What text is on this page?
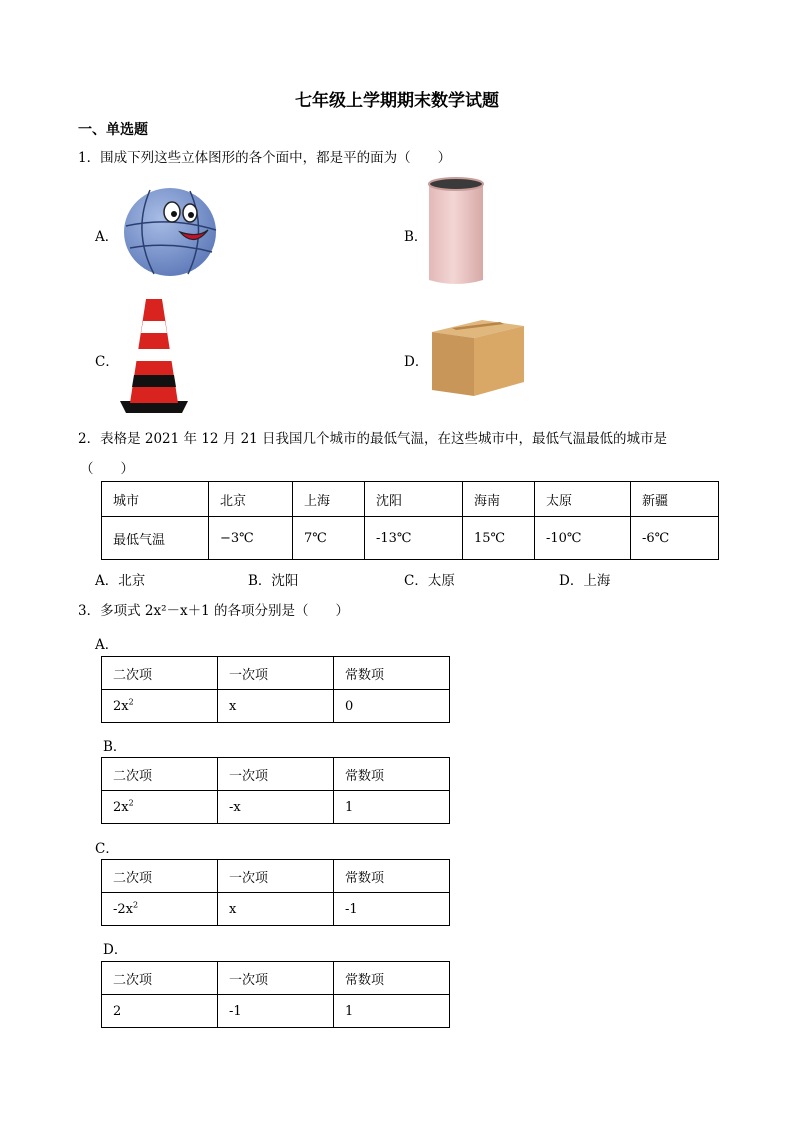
七年级上学期期末数学试题
一、单选题
1．围成下列这些立体图形的各个面中，都是平的面为（　　）
A．	B．
C．	D．
2．表格是 2021 年 12 月 21 日我国几个城市的最低气温，在这些城市中，最低气温最低的城市是
（　　）
城市	北京	上海	沈阳	海南	太原	新疆
最低气温	−3℃	7℃	-13℃	15℃	-10℃	-6℃
A．北京	B．沈阳	C．太原	D．上海
3．多项式 2x²－x＋1 的各项分别是（　　）
A．
二次项	一次项	常数项
$2x^2$	x	0
B．
二次项	一次项	常数项
$2x^2$	-x	1
C．
二次项	一次项	常数项
$-2x^2$	x	-1
D．
二次项	一次项	常数项
2	-1	1
